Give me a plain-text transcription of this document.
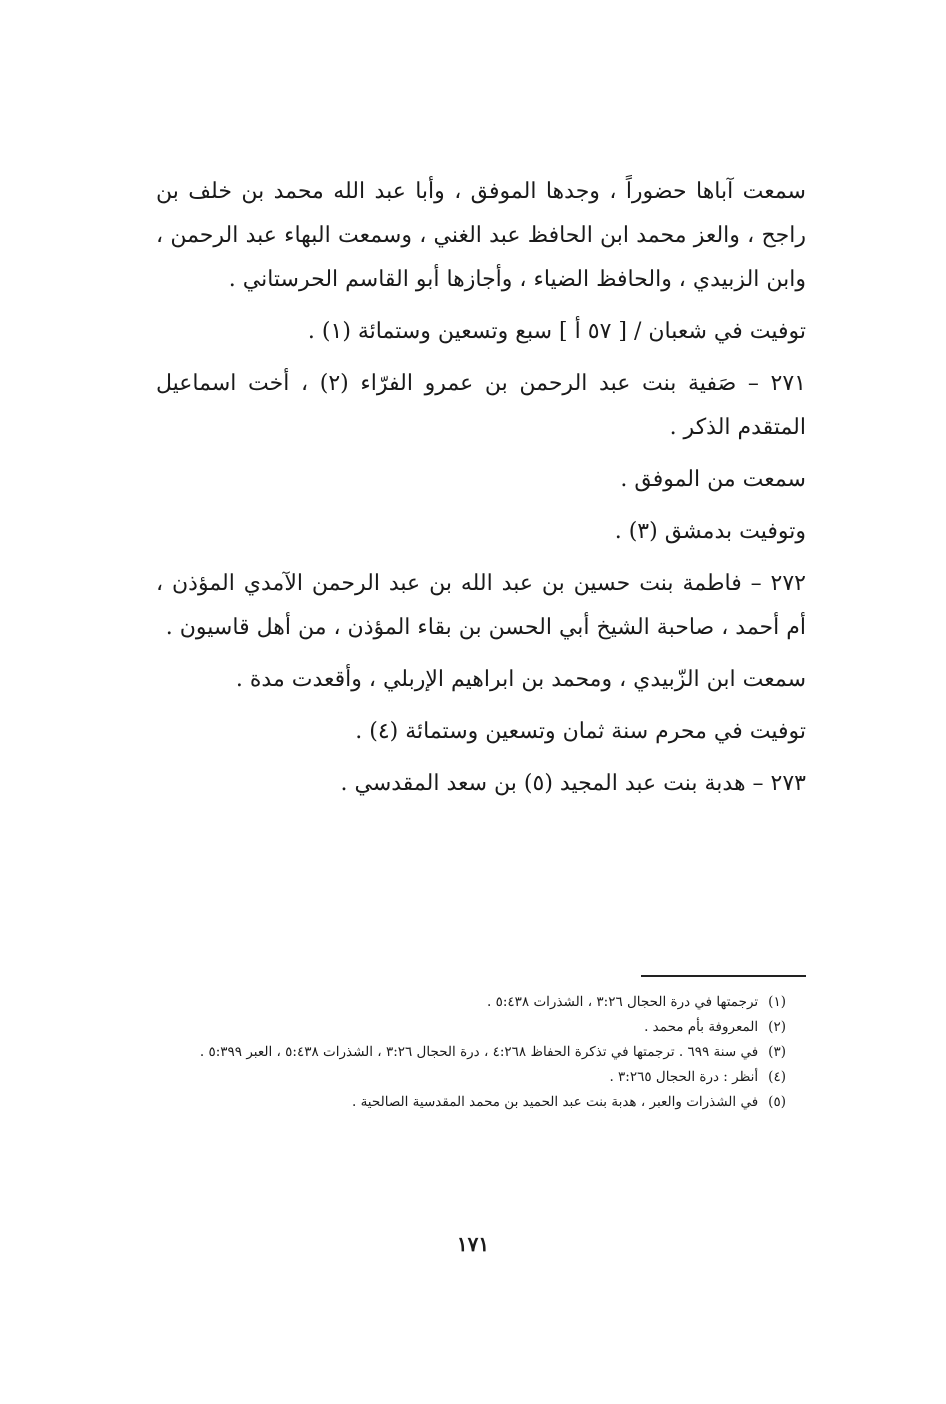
سمعت آباها حضوراً ، وجدها الموفق ، وأبا عبد الله محمد بن خلف بن راجح ، والعز محمد ابن الحافظ عبد الغني ، وسمعت البهاء عبد الرحمن ، وابن الزبيدي ، والحافظ الضياء ، وأجازها أبو القاسم الحرستاني .

توفيت في شعبان / [ ٥٧ أ ] سبع وتسعين وستمائة (١) .

٢٧١ – صَفية بنت عبد الرحمن بن عمرو الفرّاء (٢) ، أخت اسماعيل المتقدم الذكر .

سمعت من الموفق .

وتوفيت بدمشق (٣) .

٢٧٢ – فاطمة بنت حسين بن عبد الله بن عبد الرحمن الآمدي المؤذن ، أم أحمد ، صاحبة الشيخ أبي الحسن بن بقاء المؤذن ، من أهل قاسيون .

سمعت ابن الزّبيدي ، ومحمد بن ابراهيم الإربلي ، وأقعدت مدة .

توفيت في محرم سنة ثمان وتسعين وستمائة (٤) .

٢٧٣ – هدبة بنت عبد المجيد (٥) بن سعد المقدسي .

(١)
ترجمتها في درة الحجال ٣:٢٦ ، الشذرات ٥:٤٣٨ .
(٢)
المعروفة بأم محمد .
(٣)
في سنة ٦٩٩ . ترجمتها في تذكرة الحفاظ ٤:٢٦٨ ، درة الحجال ٣:٢٦ ، الشذرات ٥:٤٣٨ ، العبر ٥:٣٩٩ .
(٤)
أنظر : درة الحجال ٣:٢٦٥ .
(٥)
في الشذرات والعبر ، هدبة بنت عبد الحميد بن محمد المقدسية الصالحية .
١٧١
